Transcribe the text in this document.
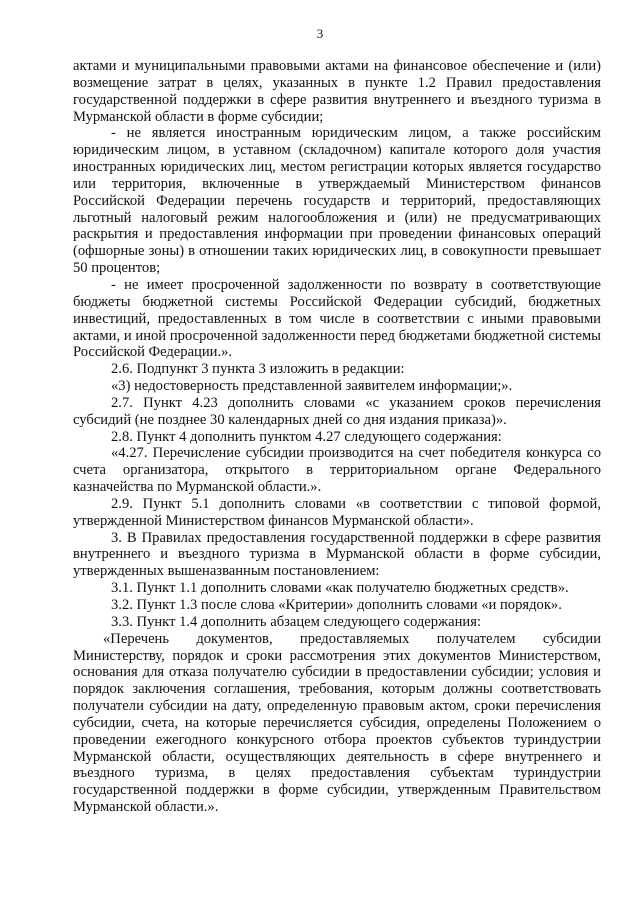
3

актами и муниципальными правовыми актами на финансовое обеспечение и (или) возмещение затрат в целях, указанных в пункте 1.2 Правил предоставления государственной поддержки в сфере развития внутреннего и въездного туризма в Мурманской области в форме субсидии;

- не является иностранным юридическим лицом, а также российским юридическим лицом, в уставном (складочном) капитале которого доля участия иностранных юридических лиц, местом регистрации которых является государство или территория, включенные в утверждаемый Министерством финансов Российской Федерации перечень государств и территорий, предоставляющих льготный налоговый режим налогообложения и (или) не предусматривающих раскрытия и предоставления информации при проведении финансовых операций (офшорные зоны) в отношении таких юридических лиц, в совокупности превышает 50 процентов;

- не имеет просроченной задолженности по возврату в соответствующие бюджеты бюджетной системы Российской Федерации субсидий, бюджетных инвестиций, предоставленных в том числе в соответствии с иными правовыми актами, и иной просроченной задолженности перед бюджетами бюджетной системы Российской Федерации.».

2.6. Подпункт 3 пункта 3 изложить в редакции:

«3) недостоверность представленной заявителем информации;».

2.7. Пункт 4.23 дополнить словами «с указанием сроков перечисления субсидий (не позднее 30 календарных дней со дня издания приказа)».

2.8. Пункт 4 дополнить пунктом 4.27 следующего содержания:

«4.27. Перечисление субсидии производится на счет победителя конкурса со счета организатора, открытого в территориальном органе Федерального казначейства по Мурманской области.».

2.9. Пункт 5.1 дополнить словами «в соответствии с типовой формой, утвержденной Министерством финансов Мурманской области».

3. В Правилах предоставления государственной поддержки в сфере развития внутреннего и въездного туризма в Мурманской области в форме субсидии, утвержденных вышеназванным постановлением:

3.1. Пункт 1.1 дополнить словами «как получателю бюджетных средств».

3.2. Пункт 1.3 после слова «Критерии» дополнить словами «и порядок».

3.3. Пункт 1.4 дополнить абзацем следующего содержания:

«Перечень документов, предоставляемых получателем субсидии Министерству, порядок и сроки рассмотрения этих документов Министерством, основания для отказа получателю субсидии в предоставлении субсидии; условия и порядок заключения соглашения, требования, которым должны соответствовать получатели субсидии на дату, определенную правовым актом, сроки перечисления субсидии, счета, на которые перечисляется субсидия, определены Положением о проведении ежегодного конкурсного отбора проектов субъектов туриндустрии Мурманской области, осуществляющих деятельность в сфере внутреннего и въездного туризма, в целях предоставления субъектам туриндустрии государственной поддержки в форме субсидии, утвержденным Правительством Мурманской области.».
